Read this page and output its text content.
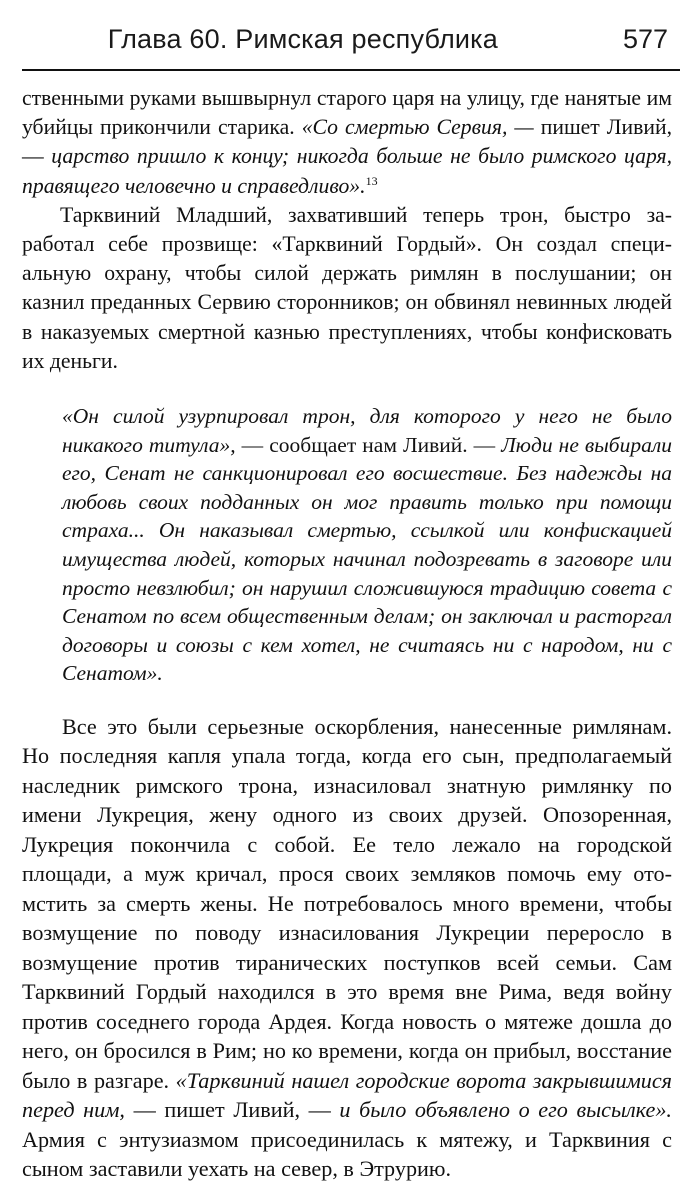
Глава 60. Римская республика	577

ственными руками вышвырнул старого царя на улицу, где нанятые им убийцы прикончили старика. «Со смертью Сервия, — пишет Ливий, — царство пришло к концу; никогда больше не было римского царя, правящего человечно и справедливо».$^{13}$

Тарквиний Младший, захвативший теперь трон, быстро заработал себе прозвище: «Тарквиний Гордый». Он создал специальную охрану, чтобы силой держать римлян в послушании; он казнил преданных Сервию сторонников; он обвинял невинных людей в наказуемых смертной казнью преступлениях, чтобы конфисковать их деньги.

«Он силой узурпировал трон, для которого у него не было никакого титула», — сообщает нам Ливий. — Люди не выбирали его, Сенат не санкционировал его восшествие. Без надежды на любовь своих подданных он мог править только при помощи страха... Он наказывал смертью, ссылкой или конфискацией имущества людей, которых начинал подозревать в заговоре или просто невзлюбил; он нарушил сложившуюся традицию совета с Сенатом по всем общественным делам; он заключал и расторгал договоры и союзы с кем хотел, не считаясь ни с народом, ни с Сенатом».

Все это были серьезные оскорбления, нанесенные римлянам. Но последняя капля упала тогда, когда его сын, предполагаемый наследник римского трона, изнасиловал знатную римлянку по имени Лукреция, жену одного из своих друзей. Опозоренная, Лукреция покончила с собой. Ее тело лежало на городской площади, а муж кричал, прося своих земляков помочь ему отомстить за смерть жены. Не потребовалось много времени, чтобы возмущение по поводу изнасилования Лукреции переросло в возмущение против тиранических поступков всей семьи. Сам Тарквиний Гордый находился в это время вне Рима, ведя войну против соседнего города Ардея. Когда новость о мятеже дошла до него, он бросился в Рим; но ко времени, когда он прибыл, восстание было в разгаре. «Тарквиний нашел городские ворота закрывшимися перед ним, — пишет Ливий, — и было объявлено о его высылке». Армия с энтузиазмом присоединилась к мятежу, и Тарквиния с сыном заставили уехать на север, в Этрурию.
